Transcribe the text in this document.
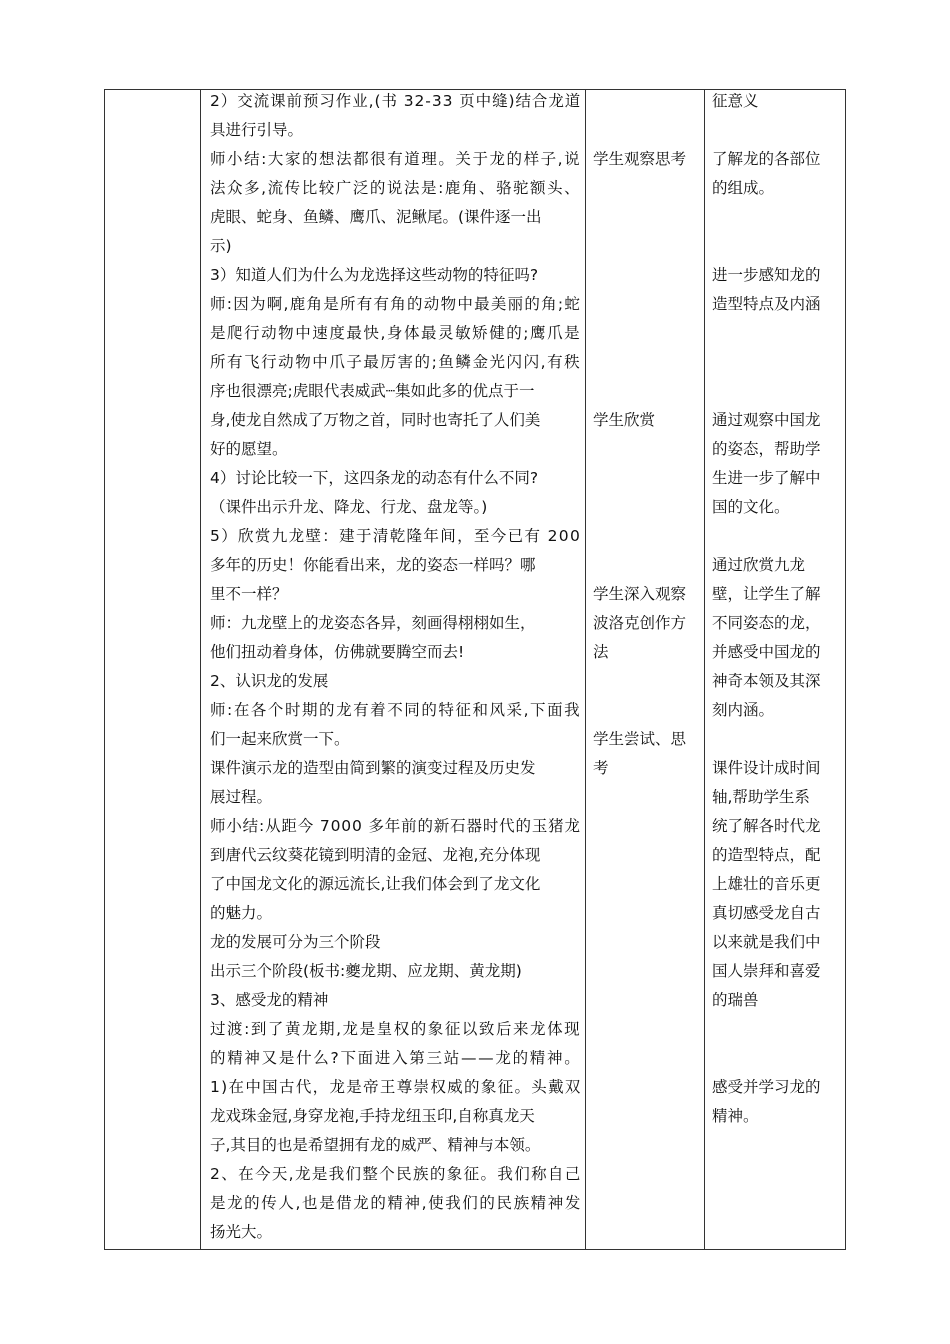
2）交流课前预习作业,(书 32-33 页中缝)结合龙道

具进行引导。

师小结:大家的想法都很有道理。关于龙的样子,说

法众多,流传比较广泛的说法是:鹿角、骆驼额头、

虎眼、蛇身、鱼鳞、鹰爪、泥鳅尾。(课件逐一出

示)

3）知道人们为什么为龙选择这些动物的特征吗?

师:因为啊,鹿角是所有有角的动物中最美丽的角;蛇

是爬行动物中速度最快,身体最灵敏矫健的;鹰爪是

所有飞行动物中爪子最厉害的;鱼鳞金光闪闪,有秩

序也很漂亮;虎眼代表威武┈集如此多的优点于一

身,使龙自然成了万物之首，同时也寄托了人们美

好的愿望。

4）讨论比较一下，这四条龙的动态有什么不同?

（课件出示升龙、降龙、行龙、盘龙等。)

5）欣赏九龙壁：建于清乾隆年间，至今已有 200

多年的历史！你能看出来，龙的姿态一样吗？哪

里不一样？

师：九龙壁上的龙姿态各异，刻画得栩栩如生，

他们扭动着身体，仿佛就要腾空而去!

2、认识龙的发展

师:在各个时期的龙有着不同的特征和风采,下面我

们一起来欣赏一下。

课件演示龙的造型由简到繁的演变过程及历史发

展过程。

师小结:从距今 7000 多年前的新石器时代的玉猪龙

到唐代云纹葵花镜到明清的金冠、龙袍,充分体现

了中国龙文化的源远流长,让我们体会到了龙文化

的魅力。

龙的发展可分为三个阶段

出示三个阶段(板书:夔龙期、应龙期、黄龙期)

3、感受龙的精神

过渡:到了黄龙期,龙是皇权的象征以致后来龙体现

的精神又是什么?下面进入第三站——龙的精神。

1)在中国古代，龙是帝王尊崇权威的象征。头戴双

龙戏珠金冠,身穿龙袍,手持龙纽玉印,自称真龙天

子,其目的也是希望拥有龙的威严、精神与本领。

2、在今天,龙是我们整个民族的象征。我们称自己

是龙的传人,也是借龙的精神,使我们的民族精神发

扬光大。

学生观察思考

学生欣赏

学生深入观察

波洛克创作方

法

学生尝试、思

考

征意义

了解龙的各部位

的组成。

进一步感知龙的

造型特点及内涵

通过观察中国龙

的姿态，帮助学

生进一步了解中

国的文化。

通过欣赏九龙

壁，让学生了解

不同姿态的龙，

并感受中国龙的

神奇本领及其深

刻内涵。

课件设计成时间

轴,帮助学生系

统了解各时代龙

的造型特点，配

上雄壮的音乐更

真切感受龙自古

以来就是我们中

国人崇拜和喜爱

的瑞兽

感受并学习龙的

精神。
